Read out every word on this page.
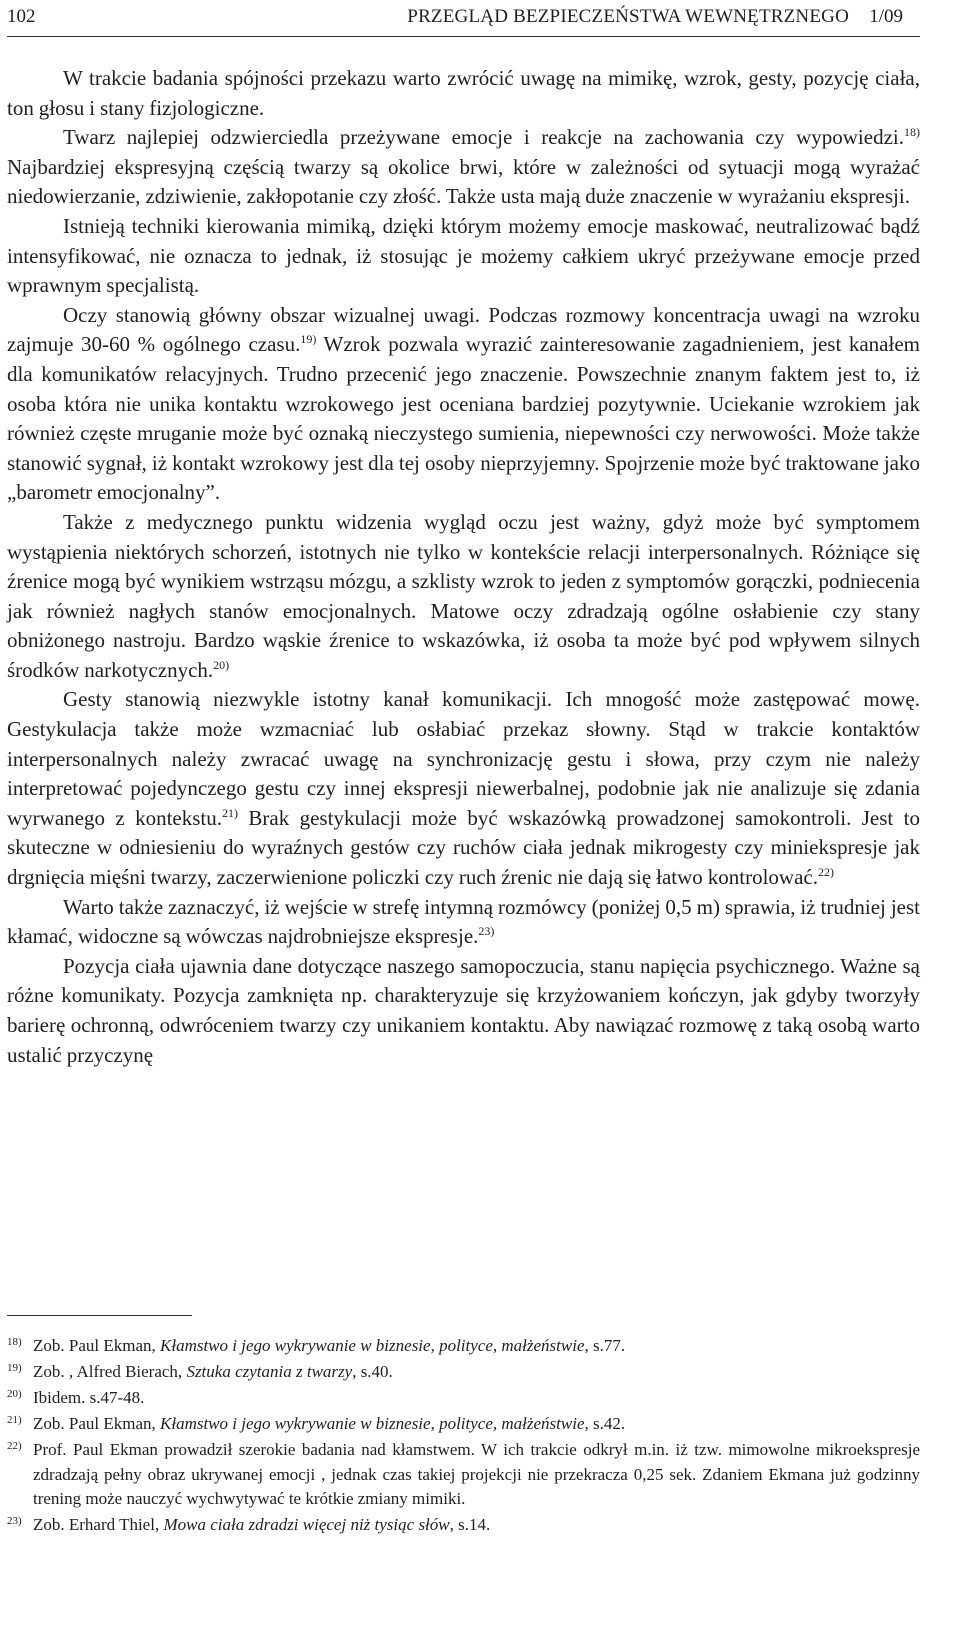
102	PRZEGLĄD BEZPIECZEŃSTWA WEWNĘTRZNEGO 1/09

W trakcie badania spójności przekazu warto zwrócić uwagę na mimikę, wzrok, gesty, pozycję ciała, ton głosu i stany fizjologiczne.

Twarz najlepiej odzwierciedla przeżywane emocje i reakcje na zachowania czy wypowiedzi.$^{18)}$ Najbardziej ekspresyjną częścią twarzy są okolice brwi, które w zależności od sytuacji mogą wyrażać niedowierzanie, zdziwienie, zakłopotanie czy złość. Także usta mają duże znaczenie w wyrażaniu ekspresji.

Istnieją techniki kierowania mimiką, dzięki którym możemy emocje maskować, neutralizować bądź intensyfikować, nie oznacza to jednak, iż stosując je możemy całkiem ukryć przeżywane emocje przed wprawnym specjalistą.

Oczy stanowią główny obszar wizualnej uwagi. Podczas rozmowy koncentracja uwagi na wzroku zajmuje 30-60 % ogólnego czasu.$^{19)}$ Wzrok pozwala wyrazić zainteresowanie zagadnieniem, jest kanałem dla komunikatów relacyjnych. Trudno przecenić jego znaczenie. Powszechnie znanym faktem jest to, iż osoba która nie unika kontaktu wzrokowego jest oceniana bardziej pozytywnie. Uciekanie wzrokiem jak również częste mruganie może być oznaką nieczystego sumienia, niepewności czy nerwowości. Może także stanowić sygnał, iż kontakt wzrokowy jest dla tej osoby nieprzyjemny. Spojrzenie może być traktowane jako „barometr emocjonalny”.

Także z medycznego punktu widzenia wygląd oczu jest ważny, gdyż może być symptomem wystąpienia niektórych schorzeń, istotnych nie tylko w kontekście relacji interpersonalnych. Różniące się źrenice mogą być wynikiem wstrząsu mózgu, a szklisty wzrok to jeden z symptomów gorączki, podniecenia jak również nagłych stanów emocjonalnych. Matowe oczy zdradzają ogólne osłabienie czy stany obniżonego nastroju. Bardzo wąskie źrenice to wskazówka, iż osoba ta może być pod wpływem silnych środków narkotycznych.$^{20)}$

Gesty stanowią niezwykle istotny kanał komunikacji. Ich mnogość może zastępować mowę. Gestykulacja także może wzmacniać lub osłabiać przekaz słowny. Stąd w trakcie kontaktów interpersonalnych należy zwracać uwagę na synchronizację gestu i słowa, przy czym nie należy interpretować pojedynczego gestu czy innej ekspresji niewerbalnej, podobnie jak nie analizuje się zdania wyrwanego z kontekstu.$^{21)}$ Brak gestykulacji może być wskazówką prowadzonej samokontroli. Jest to skuteczne w odniesieniu do wyraźnych gestów czy ruchów ciała jednak mikrogesty czy miniekspresje jak drgnięcia mięśni twarzy, zaczerwienione policzki czy ruch źrenic nie dają się łatwo kontrolować.$^{22)}$

Warto także zaznaczyć, iż wejście w strefę intymną rozmówcy (poniżej 0,5 m) sprawia, iż trudniej jest kłamać, widoczne są wówczas najdrobniejsze ekspresje.$^{23)}$

Pozycja ciała ujawnia dane dotyczące naszego samopoczucia, stanu napięcia psychicznego. Ważne są różne komunikaty. Pozycja zamknięta np. charakteryzuje się krzyżowaniem kończyn, jak gdyby tworzyły barierę ochronną, odwróceniem twarzy czy unikaniem kontaktu. Aby nawiązać rozmowę z taką osobą warto ustalić przyczynę

18) Zob. Paul Ekman, Kłamstwo i jego wykrywanie w biznesie, polityce, małżeństwie, s.77.
19) Zob. , Alfred Bierach, Sztuka czytania z twarzy, s.40.
20) Ibidem. s.47-48.
21) Zob. Paul Ekman, Kłamstwo i jego wykrywanie w biznesie, polityce, małżeństwie, s.42.
22) Prof. Paul Ekman prowadził szerokie badania nad kłamstwem. W ich trakcie odkrył m.in. iż tzw. mimowolne mikroekspresje zdradzają pełny obraz ukrywanej emocji , jednak czas takiej projekcji nie przekracza 0,25 sek. Zdaniem Ekmana już godzinny trening może nauczyć wychwytywać te krótkie zmiany mimiki.
23) Zob. Erhard Thiel, Mowa ciała zdradzi więcej niż tysiąc słów, s.14.
